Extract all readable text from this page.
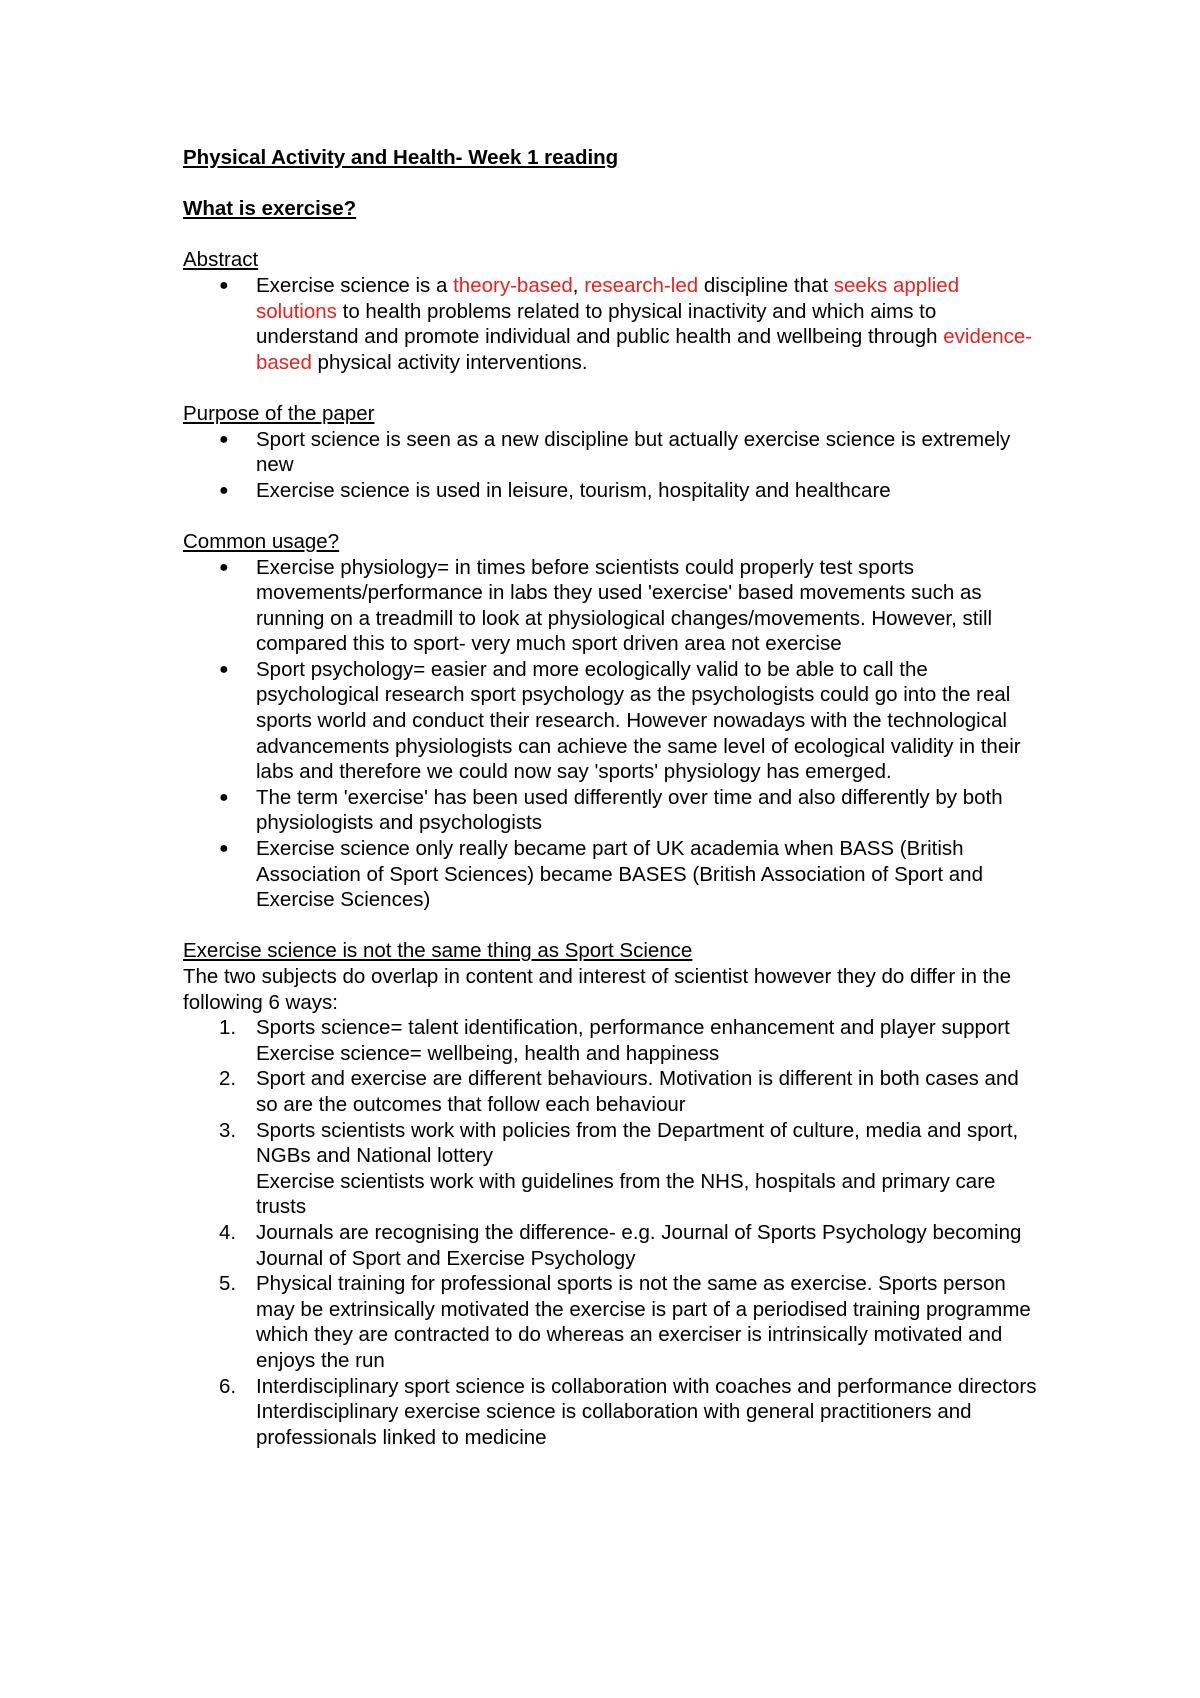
Physical Activity and Health- Week 1 reading

What is exercise?

Abstract

● Exercise science is a theory-based, research-led discipline that seeks applied solutions to health problems related to physical inactivity and which aims to understand and promote individual and public health and wellbeing through evidence-based physical activity interventions.

Purpose of the paper

● Sport science is seen as a new discipline but actually exercise science is extremely new
● Exercise science is used in leisure, tourism, hospitality and healthcare

Common usage?

● Exercise physiology= in times before scientists could properly test sports movements/performance in labs they used 'exercise' based movements such as running on a treadmill to look at physiological changes/movements. However, still compared this to sport- very much sport driven area not exercise
● Sport psychology= easier and more ecologically valid to be able to call the psychological research sport psychology as the psychologists could go into the real sports world and conduct their research. However nowadays with the technological advancements physiologists can achieve the same level of ecological validity in their labs and therefore we could now say 'sports' physiology has emerged.
● The term 'exercise' has been used differently over time and also differently by both physiologists and psychologists
● Exercise science only really became part of UK academia when BASS (British Association of Sport Sciences) became BASES (British Association of Sport and Exercise Sciences)

Exercise science is not the same thing as Sport Science

The two subjects do overlap in content and interest of scientist however they do differ in the following 6 ways:

1. Sports science= talent identification, performance enhancement and player support
Exercise science= wellbeing, health and happiness
2. Sport and exercise are different behaviours. Motivation is different in both cases and so are the outcomes that follow each behaviour
3. Sports scientists work with policies from the Department of culture, media and sport, NGBs and National lottery
Exercise scientists work with guidelines from the NHS, hospitals and primary care trusts
4. Journals are recognising the difference- e.g. Journal of Sports Psychology becoming Journal of Sport and Exercise Psychology
5. Physical training for professional sports is not the same as exercise. Sports person may be extrinsically motivated the exercise is part of a periodised training programme which they are contracted to do whereas an exerciser is intrinsically motivated and enjoys the run
6. Interdisciplinary sport science is collaboration with coaches and performance directors
Interdisciplinary exercise science is collaboration with general practitioners and professionals linked to medicine
